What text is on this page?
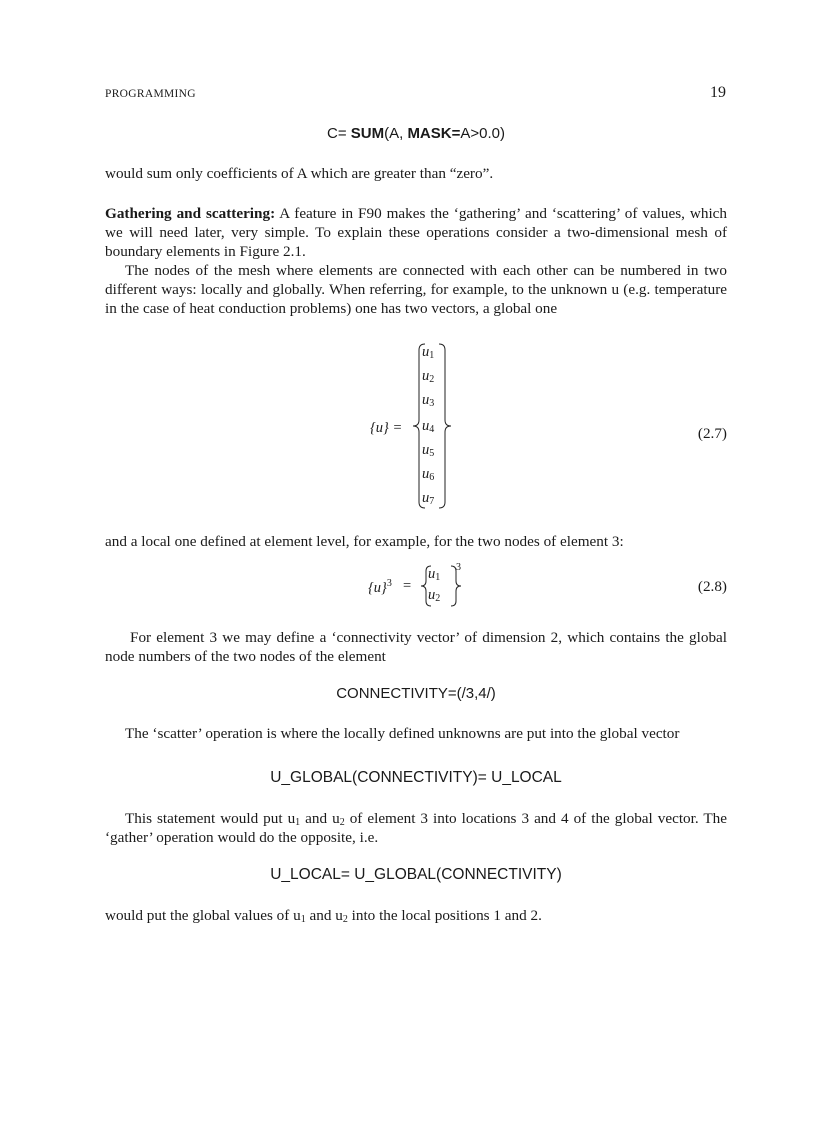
PROGRAMMING	19
C= SUM(A, MASK=A>0.0)
would sum only coefficients of A which are greater than “zero”.
Gathering and scattering: A feature in F90 makes the ‘gathering’ and ‘scattering’ of values, which we will need later, very simple. To explain these operations consider a two-dimensional mesh of boundary elements in Figure 2.1.
The nodes of the mesh where elements are connected with each other can be numbered in two different ways: locally and globally. When referring, for example, to the unknown u (e.g. temperature in the case of heat conduction problems) one has two vectors, a global one
{u} =
$u_1$
$u_2$
$u_3$
$u_4$
$u_5$
$u_6$
$u_7$
(2.7)
and a local one defined at element level, for example, for the two nodes of element 3:
$\{u\}^3$ =
$u_1$
$u_2$
3
(2.8)
For element 3 we may define a ‘connectivity vector’ of dimension 2, which contains the global node numbers of the two nodes of the element
CONNECTIVITY=(/3,4/)
The ‘scatter’ operation is where the locally defined unknowns are put into the global vector
U_GLOBAL(CONNECTIVITY)= U_LOCAL
This statement would put $u_1$ and $u_2$ of element 3 into locations 3 and 4 of the global vector. The ‘gather’ operation would do the opposite, i.e.
U_LOCAL= U_GLOBAL(CONNECTIVITY)
would put the global values of $u_1$ and $u_2$ into the local positions 1 and 2.
